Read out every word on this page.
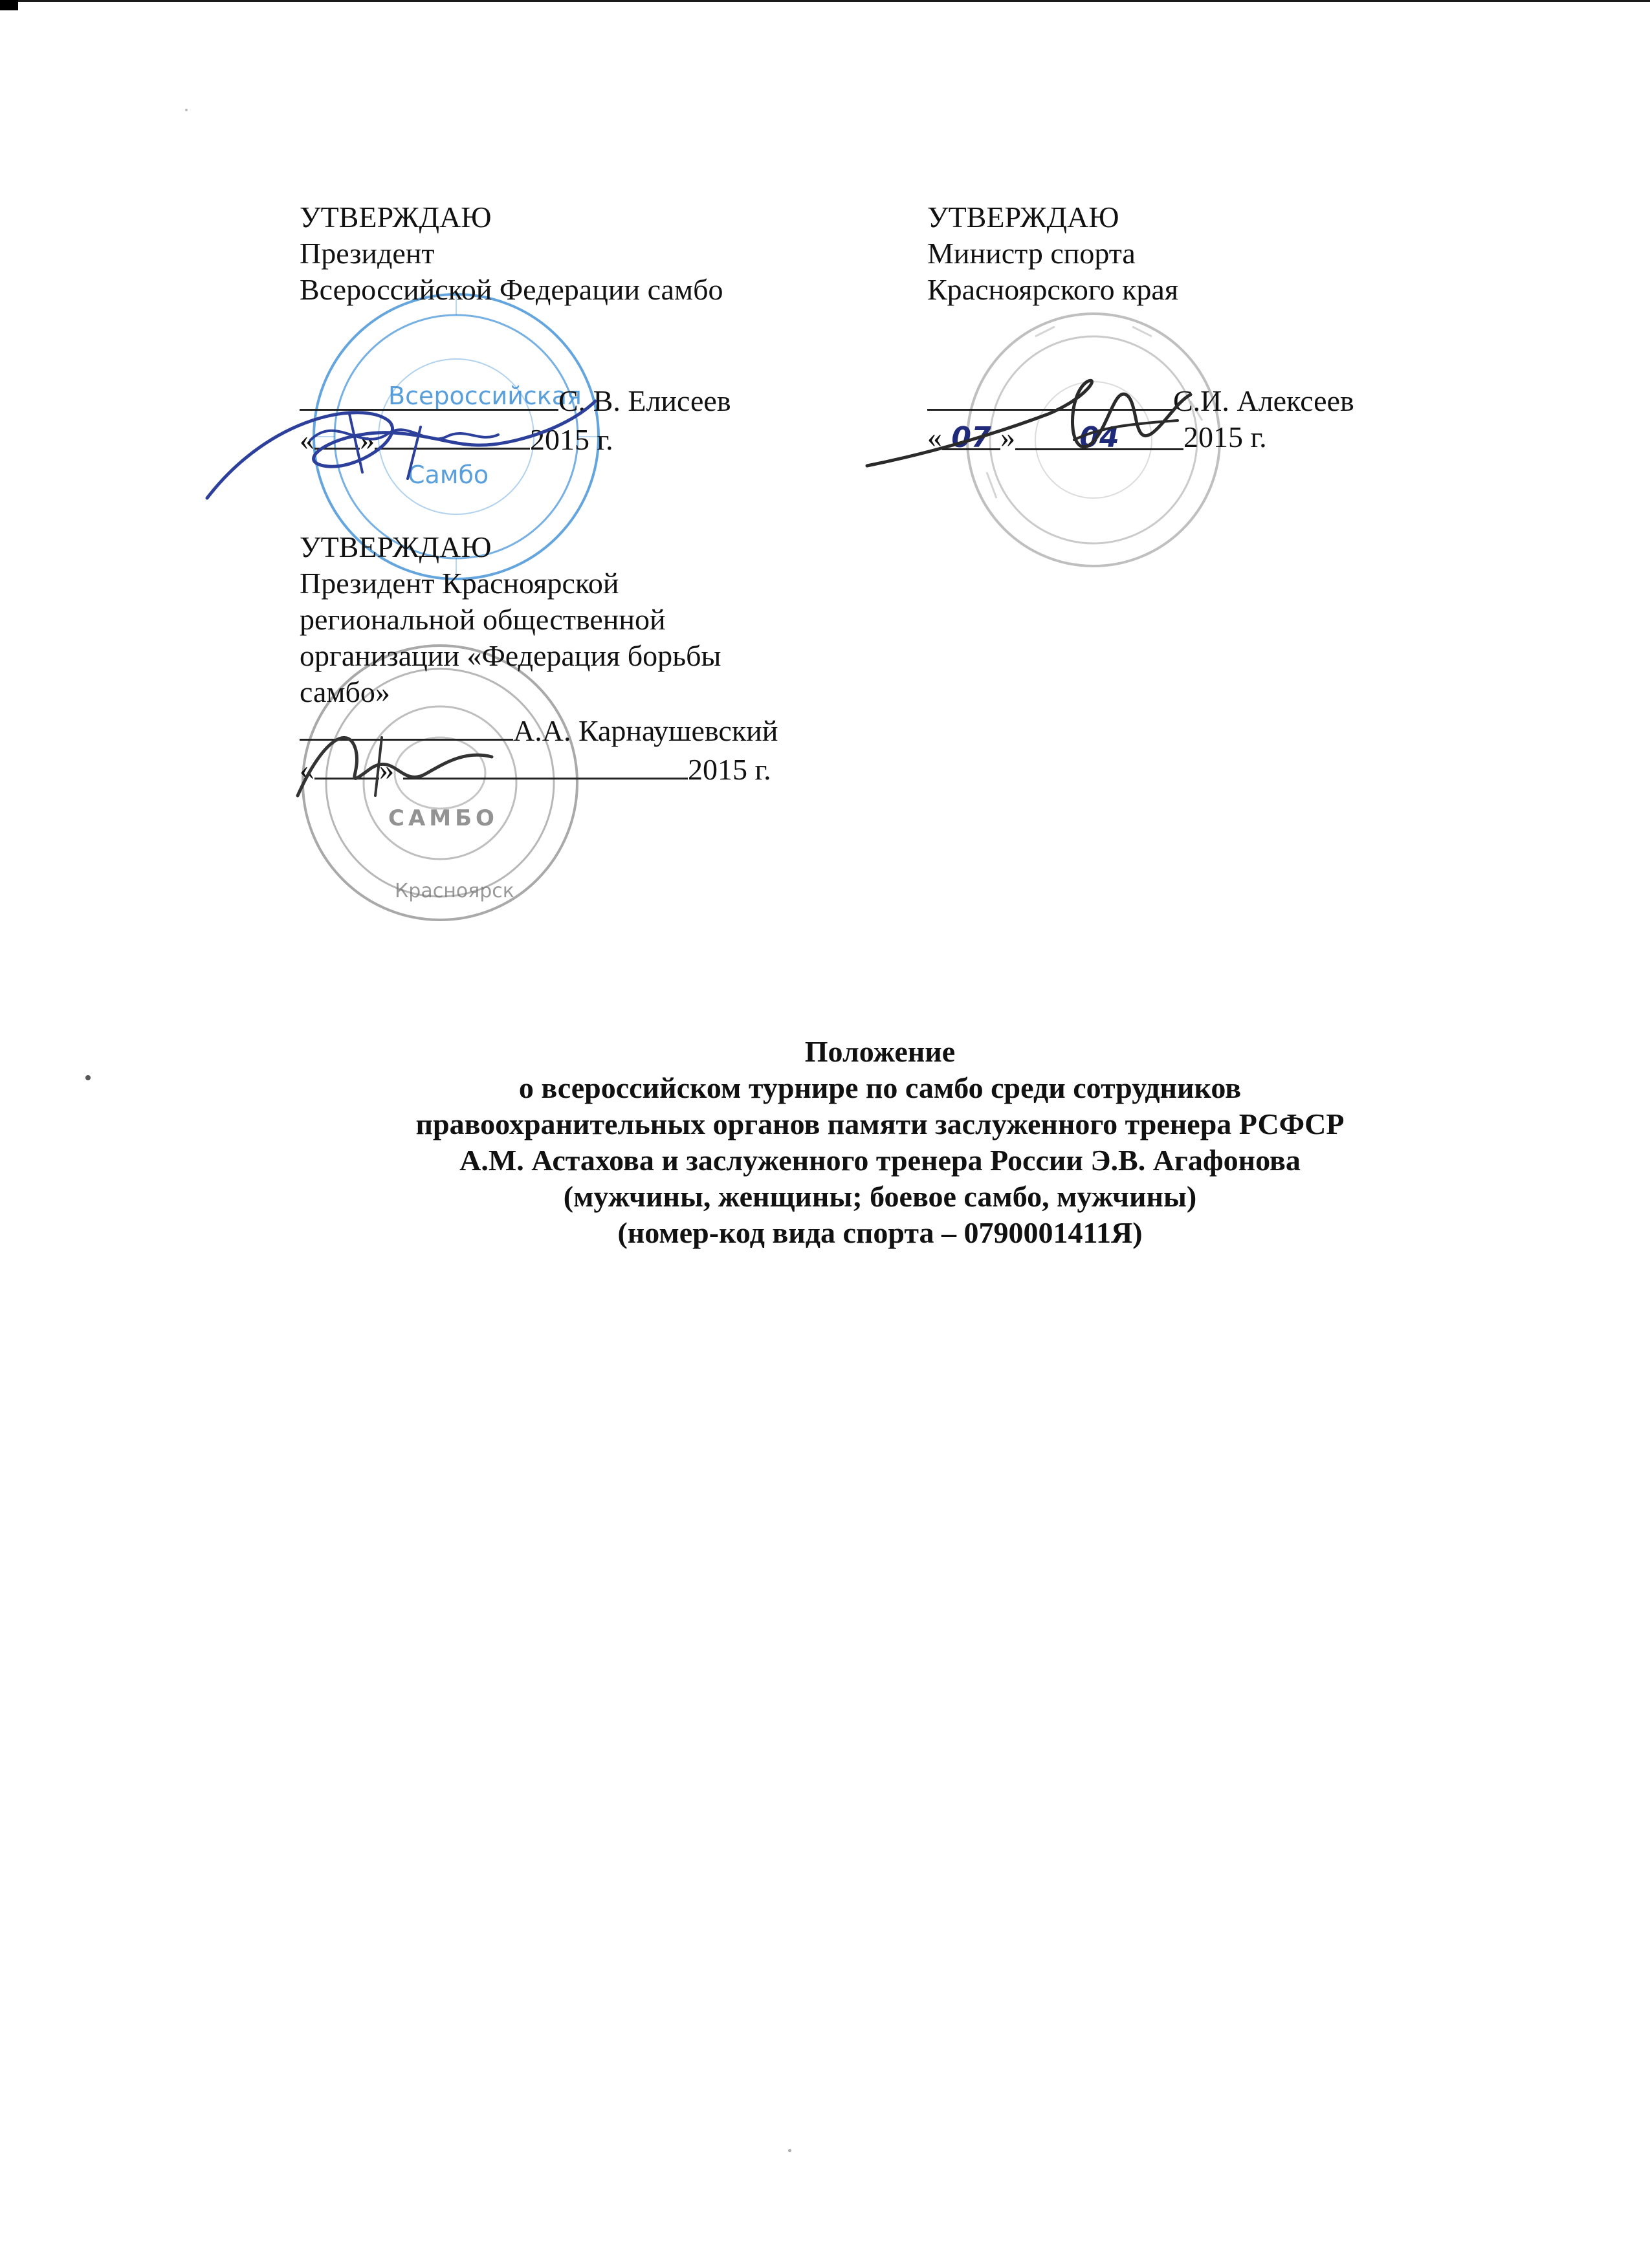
Всероссийская
Самбо
САМБО
Красноярск
УТВЕРЖДАЮ
Президент
Всероссийской Федерации самбо
С. В. Елисеев
« »	2015 г.
УТВЕРЖДАЮ
Министр спорта
Красноярского края
С.И. Алексеев
« 07 » 04 2015 г.
УТВЕРЖДАЮ
Президент Красноярской
региональной общественной
организации «Федерация борьбы
самбо»
А.А. Карнаушевский
« »	2015 г.
Положение
о всероссийском турнире по самбо среди сотрудников
правоохранительных органов памяти заслуженного тренера РСФСР
А.М. Астахова и заслуженного тренера России Э.В. Агафонова
(мужчины, женщины; боевое самбо, мужчины)
(номер-код вида спорта – 0790001411Я)
